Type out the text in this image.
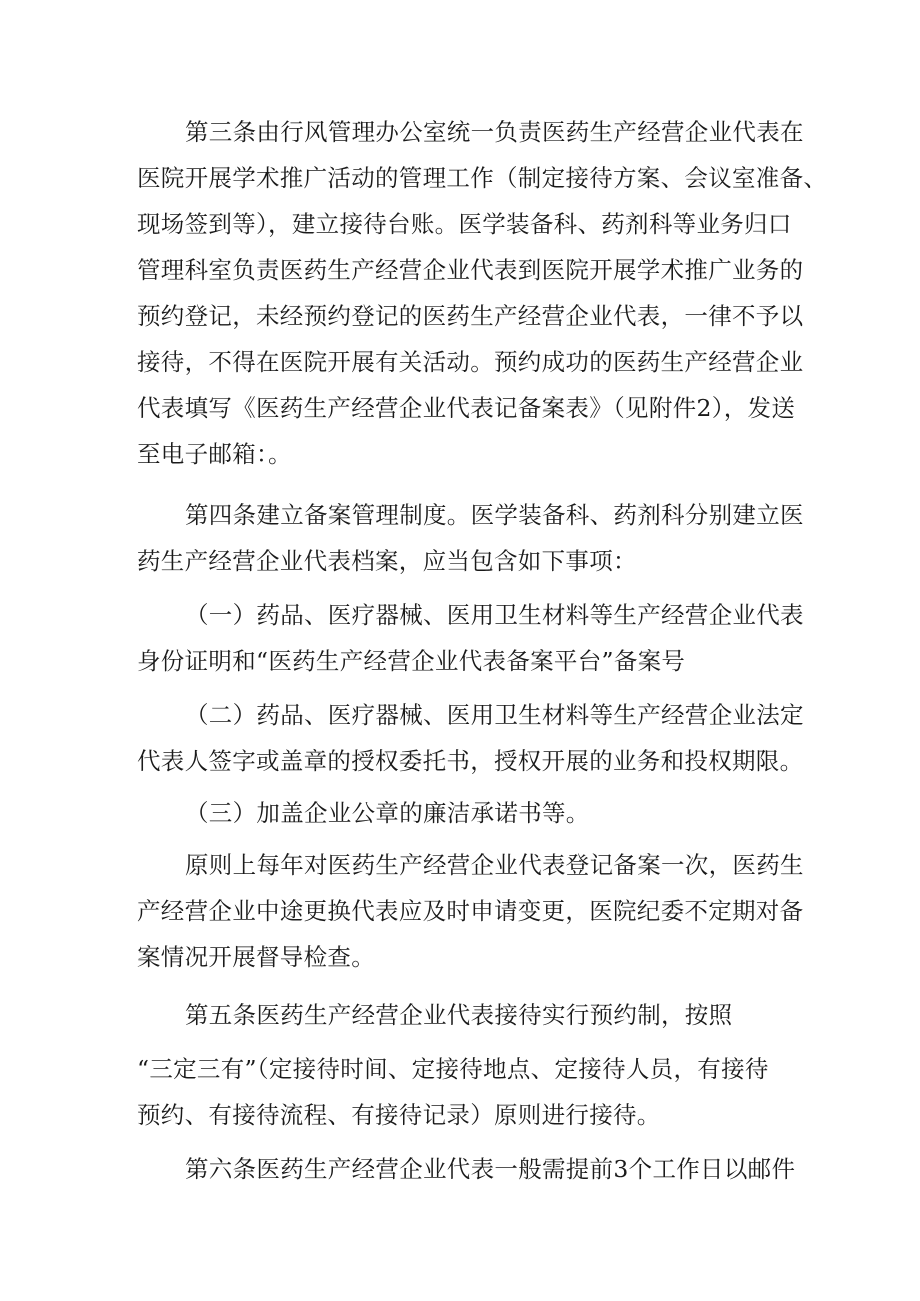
第三条由行风管理办公室统一负责医药生产经营企业代表在
医院开展学术推广活动的管理工作（制定接待方案、会议室准备、
现场签到等），建立接待台账。医学装备科、药剂科等业务归口
管理科室负责医药生产经营企业代表到医院开展学术推广业务的
预约登记，未经预约登记的医药生产经营企业代表，一律不予以
接待，不得在医院开展有关活动。预约成功的医药生产经营企业
代表填写《医药生产经营企业代表记备案表》（见附件2），发送
至电子邮箱：。
第四条建立备案管理制度。医学装备科、药剂科分别建立医
药生产经营企业代表档案，应当包含如下事项：
（一）药品、医疗器械、医用卫生材料等生产经营企业代表
身份证明和“医药生产经营企业代表备案平台”备案号
（二）药品、医疗器械、医用卫生材料等生产经营企业法定
代表人签字或盖章的授权委托书，授权开展的业务和投权期限。
（三）加盖企业公章的廉洁承诺书等。
原则上每年对医药生产经营企业代表登记备案一次，医药生
产经营企业中途更换代表应及时申请变更，医院纪委不定期对备
案情况开展督导检查。
第五条医药生产经营企业代表接待实行预约制，按照
“三定三有”（定接待时间、定接待地点、定接待人员，有接待
预约、有接待流程、有接待记录）原则进行接待。
第六条医药生产经营企业代表一般需提前3个工作日以邮件
